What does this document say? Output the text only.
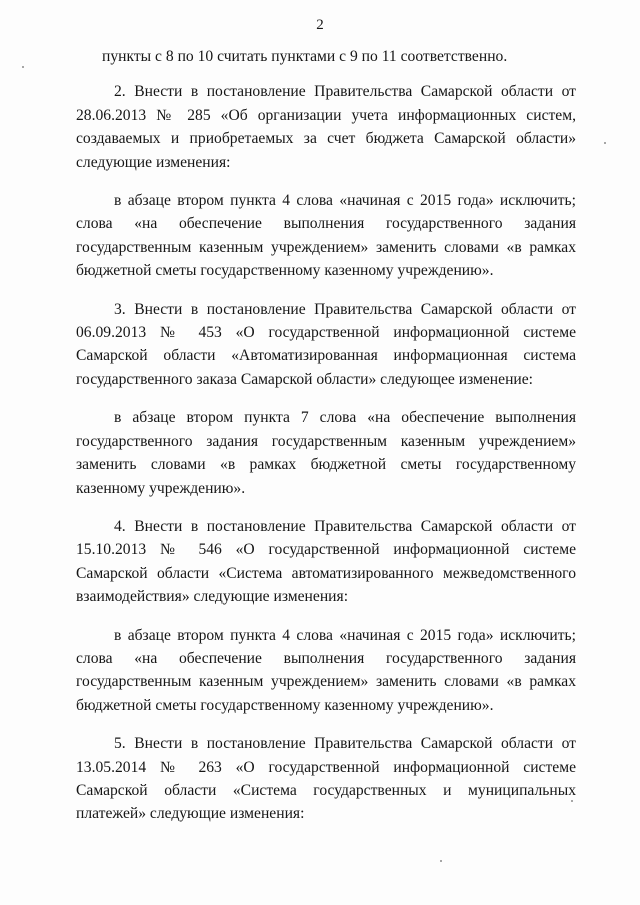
2

пункты с 8 по 10 считать пунктами с 9 по 11 соответственно.

2. Внести в постановление Правительства Самарской области от 28.06.2013 № 285 «Об организации учета информационных систем, создаваемых и приобретаемых за счет бюджета Самарской области» следующие изменения:

в абзаце втором пункта 4 слова «начиная с 2015 года» исключить; слова «на обеспечение выполнения государственного задания государственным казенным учреждением» заменить словами «в рамках бюджетной сметы государственному казенному учреждению».

3. Внести в постановление Правительства Самарской области от 06.09.2013 № 453 «О государственной информационной системе Самарской области «Автоматизированная информационная система государственного заказа Самарской области» следующее изменение:

в абзаце втором пункта 7 слова «на обеспечение выполнения государственного задания государственным казенным учреждением» заменить словами «в рамках бюджетной сметы государственному казенному учреждению».

4. Внести в постановление Правительства Самарской области от 15.10.2013 № 546 «О государственной информационной системе Самарской области «Система автоматизированного межведомственного взаимодействия» следующие изменения:

в абзаце втором пункта 4 слова «начиная с 2015 года» исключить; слова «на обеспечение выполнения государственного задания государственным казенным учреждением» заменить словами «в рамках бюджетной сметы государственному казенному учреждению».

5. Внести в постановление Правительства Самарской области от 13.05.2014 № 263 «О государственной информационной системе Самарской области «Система государственных и муниципальных платежей» следующие изменения:
